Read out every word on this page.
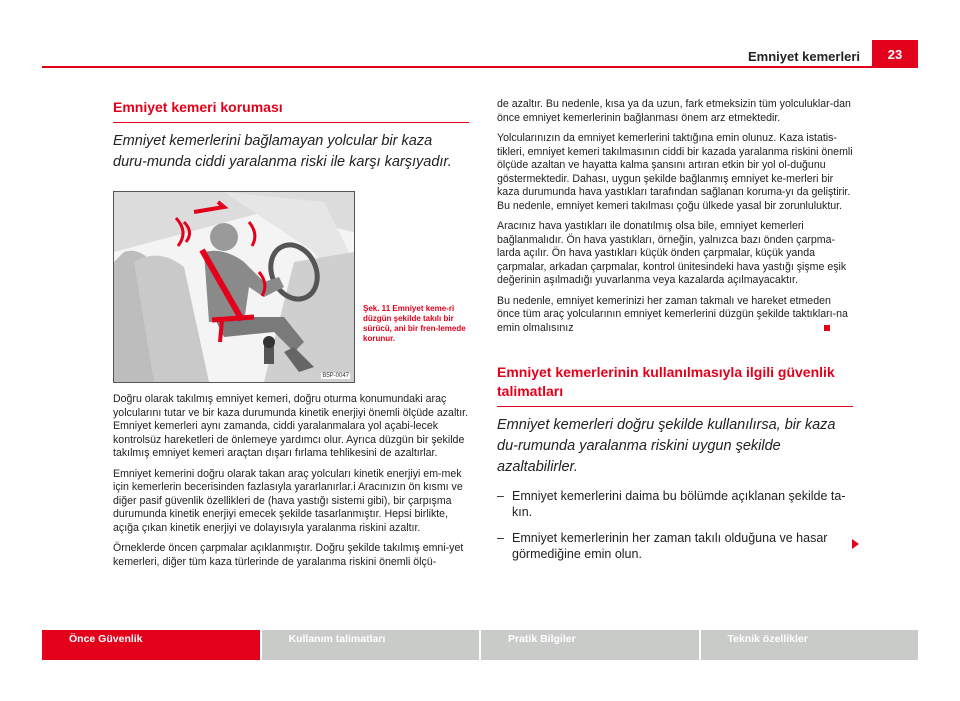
Emniyet kemerleri	23
Emniyet kemeri koruması

Emniyet kemerlerini bağlamayan yolcular bir kaza duru-munda ciddi yaralanma riski ile karşı karşıyadır.

B5P-0047
Şek. 11 Emniyet keme-ri düzgün şekilde takılı bir sürücü, ani bir fren-lemede korunur.

Doğru olarak takılmış emniyet kemeri, doğru oturma konumundaki araç yolcularını tutar ve bir kaza durumunda kinetik enerjiyi önemli ölçüde azaltır. Emniyet kemerleri aynı zamanda, ciddi yaralanmalara yol açabi-lecek kontrolsüz hareketleri de önlemeye yardımcı olur. Ayrıca düzgün bir şekilde takılmış emniyet kemeri araçtan dışarı fırlama tehlikesini de azaltırlar.

Emniyet kemerini doğru olarak takan araç yolcuları kinetik enerjiyi em-mek için kemerlerin becerisinden fazlasıyla yararlanırlar.i Aracınızın ön kısmı ve diğer pasif güvenlik özellikleri de (hava yastığı sistemi gibi), bir çarpışma durumunda kinetik enerjiyi emecek şekilde tasarlanmıştır. Hepsi birlikte, açığa çıkan kinetik enerjiyi ve dolayısıyla yaralanma riskini azaltır.

Örneklerde öncen çarpmalar açıklanmıştır. Doğru şekilde takılmış emni-yet kemerleri, diğer tüm kaza türlerinde de yaralanma riskini önemli ölçü-

de azaltır. Bu nedenle, kısa ya da uzun, fark etmeksizin tüm yolculuklar-dan önce emniyet kemerlerinin bağlanması önem arz etmektedir.

Yolcularınızın da emniyet kemerlerini taktığına emin olunuz. Kaza istatis-tikleri, emniyet kemeri takılmasının ciddi bir kazada yaralanma riskini önemli ölçüde azaltan ve hayatta kalma şansını artıran etkin bir yol ol-duğunu göstermektedir. Dahası, uygun şekilde bağlanmış emniyet ke-merleri bir kaza durumunda hava yastıkları tarafından sağlanan koruma-yı da geliştirir. Bu nedenle, emniyet kemeri takılması çoğu ülkede yasal bir zorunluluktur.

Aracınız hava yastıkları ile donatılmış olsa bile, emniyet kemerleri bağlanmalıdır. Ön hava yastıkları, örneğin, yalnızca bazı önden çarpma-larda açılır. Ön hava yastıkları küçük önden çarpmalar, küçük yanda çarpmalar, arkadan çarpmalar, kontrol ünitesindeki hava yastığı şişme eşik değerinin aşılmadığı yuvarlanma veya kazalarda açılmayacaktır.

Bu nedenle, emniyet kemerinizi her zaman takmalı ve hareket etmeden önce tüm araç yolcularının emniyet kemerlerini düzgün şekilde taktıkları-na emin olmalısınız

Emniyet kemerlerinin kullanılmasıyla ilgili güvenlik talimatları

Emniyet kemerleri doğru şekilde kullanılırsa, bir kaza du-rumunda yaralanma riskini uygun şekilde azaltabilirler.

– Emniyet kemerlerini daima bu bölümde açıklanan şekilde ta-kın.
– Emniyet kemerlerinin her zaman takılı olduğuna ve hasar görmediğine emin olun.
Önce Güvenlik	Kullanım talimatları	Pratik Bilgiler	Teknik özellikler
